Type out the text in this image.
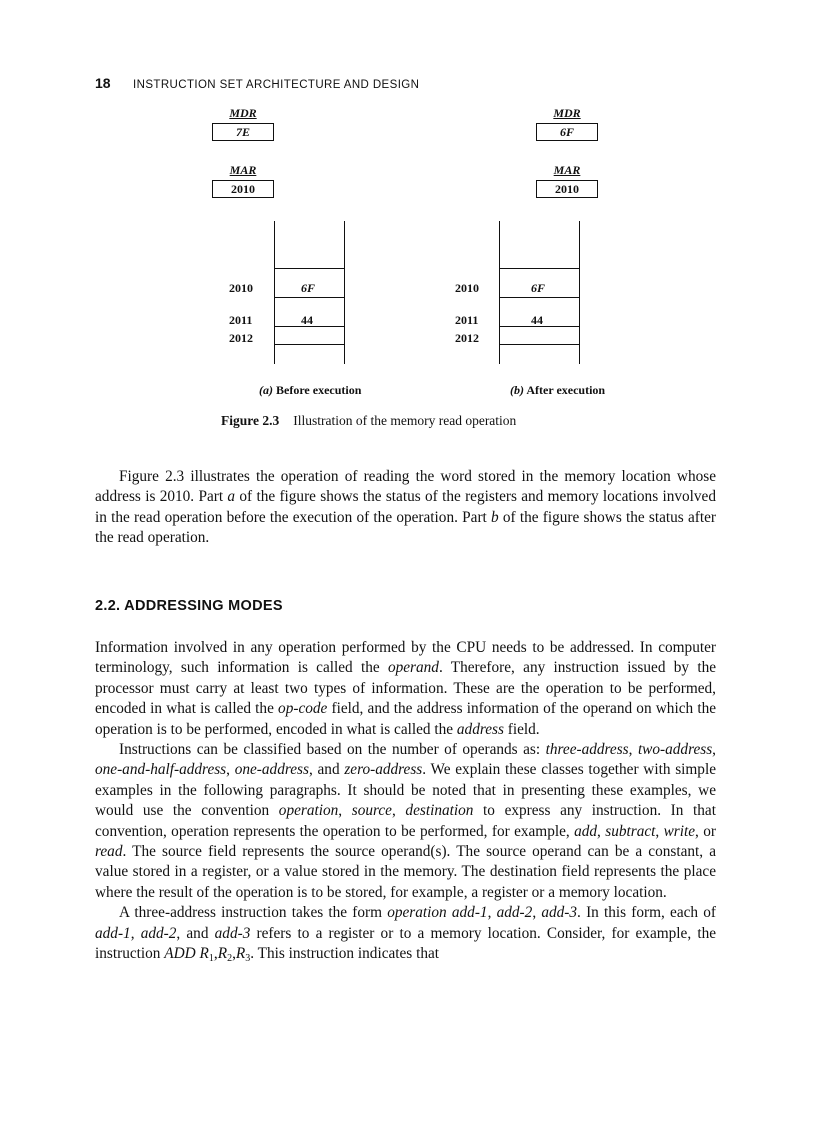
18 INSTRUCTION SET ARCHITECTURE AND DESIGN
MDR
7E
MAR
2010
2010
2011
2012
6F
44
(a) Before execution
MDR
6F
MAR
2010
2010
2011
2012
6F
44
(b) After execution
Figure 2.3 Illustration of the memory read operation

Figure 2.3 illustrates the operation of reading the word stored in the memory location whose address is 2010. Part a of the figure shows the status of the registers and memory locations involved in the read operation before the execution of the operation. Part b of the figure shows the status after the read operation.

2.2. ADDRESSING MODES

Information involved in any operation performed by the CPU needs to be addressed. In computer terminology, such information is called the operand. Therefore, any instruction issued by the processor must carry at least two types of information. These are the operation to be performed, encoded in what is called the op-code field, and the address information of the operand on which the operation is to be performed, encoded in what is called the address field.

Instructions can be classified based on the number of operands as: three-address, two-address, one-and-half-address, one-address, and zero-address. We explain these classes together with simple examples in the following paragraphs. It should be noted that in presenting these examples, we would use the convention operation, source, destination to express any instruction. In that convention, operation represents the operation to be performed, for example, add, subtract, write, or read. The source field represents the source operand(s). The source operand can be a constant, a value stored in a register, or a value stored in the memory. The destination field represents the place where the result of the operation is to be stored, for example, a register or a memory location.

A three-address instruction takes the form operation add-1, add-2, add-3. In this form, each of add-1, add-2, and add-3 refers to a register or to a memory location. Consider, for example, the instruction ADD $R_1,R_2,R_3$. This instruction indicates that
